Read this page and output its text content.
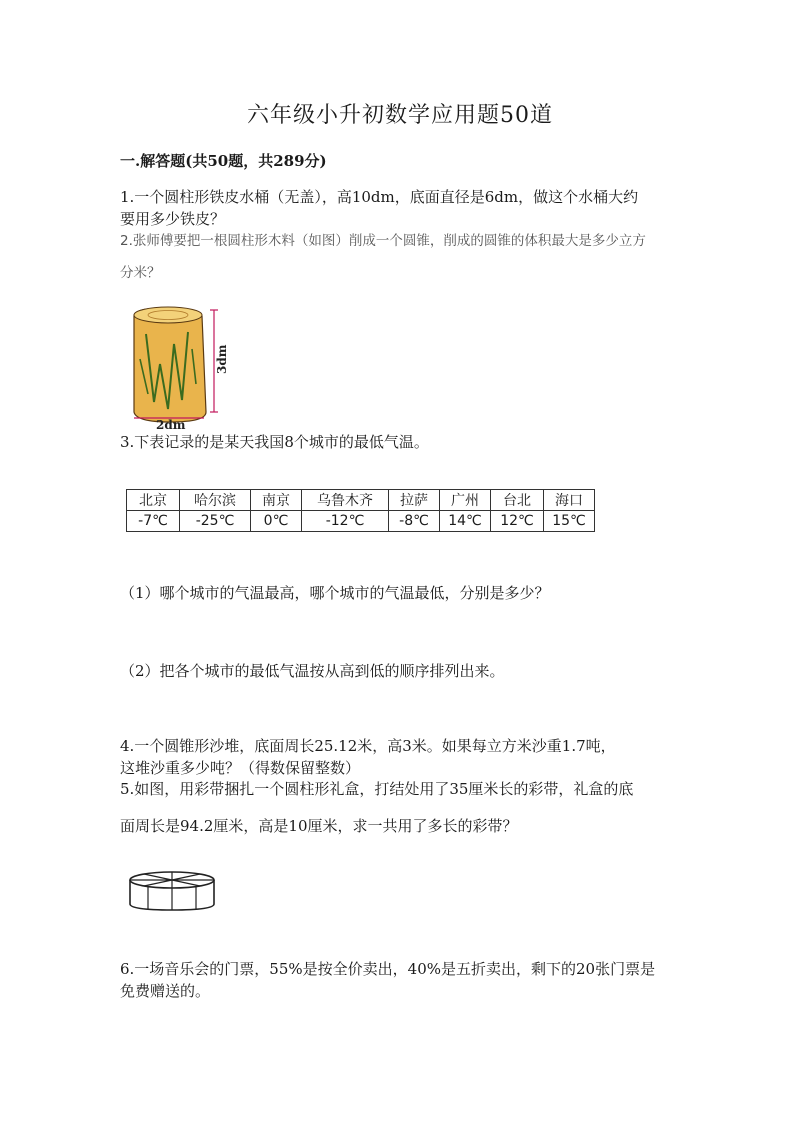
六年级小升初数学应用题50道
一.解答题(共50题，共289分)
1.一个圆柱形铁皮水桶（无盖），高10dm，底面直径是6dm，做这个水桶大约
要用多少铁皮？
2.张师傅要把一根圆柱形木料（如图）削成一个圆锥，削成的圆锥的体积最大是多少立方
分米？
3dm
2dm
3.下表记录的是某天我国8个城市的最低气温。
北京	哈尔滨	南京	乌鲁木齐	拉萨	广州	台北	海口
-7℃	-25℃	0℃	-12℃	-8℃	14℃	12℃	15℃
（1）哪个城市的气温最高，哪个城市的气温最低，分别是多少？
（2）把各个城市的最低气温按从高到低的顺序排列出来。
4.一个圆锥形沙堆，底面周长25.12米，高3米。如果每立方米沙重1.7吨，
这堆沙重多少吨？（得数保留整数）
5.如图，用彩带捆扎一个圆柱形礼盒，打结处用了35厘米长的彩带，礼盒的底
面周长是94.2厘米，高是10厘米，求一共用了多长的彩带？
6.一场音乐会的门票，55%是按全价卖出，40%是五折卖出，剩下的20张门票是
免费赠送的。
